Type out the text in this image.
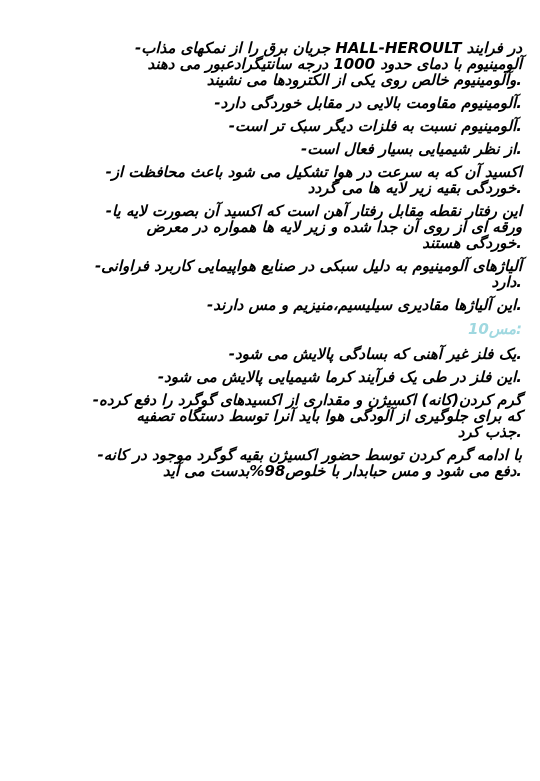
در فرایند HALL-HEROULT جریان برق را از نمکهای مذاب-
آلومینیوم با دمای حدود 1000 درجه سانتیگرادعبور می دهند
.وآلومینیوم خالص روی یکی از الکترودها می نشیند
.آلومینیوم مقاومت بالایی در مقابل خوردگی دارد-
.آلومینیوم نسبت به فلزات دیگر سبک تر است-
.از نظر شیمیایی بسیار فعال است-
اکسید آن که به سرعت در هوا تشکیل می شود باعث محافظت از-
.خوردگی بقیه زیر لایه ها می گردد
این رفتار نقطه مقابل رفتار آهن است که اکسید آن بصورت لایه یا-
ورقه ای از روی آن جدا شده و زیر لایه ها همواره در معرض
.خوردگی هستند
آلیاژهای آلومینیوم به دلیل سبکی در صنایع هواپیمایی کاربرد فراوانی-
.دارد
.این آلیاژها مقادیری سیلیسیم،منیزیم و مس دارند-
:مس10
.یک فلز غیر آهنی که بسادگی پالایش می شود-
.این فلز در طی یک فرآیند کرما شیمیایی پالایش می شود-
گرم کردن(کانه) اکسیژن و مقداری از اکسیدهای گوگرد را دفع کرده-
که برای جلوگیری از آلودگی هوا باید آنرا توسط دستگاه تصفیه
.جذب کرد
با ادامه گرم کردن توسط حضور اکسیژن بقیه گوگرد موجود در کانه-
.دفع می شود و مس حبابدار با خلوص98%بدست می آید
